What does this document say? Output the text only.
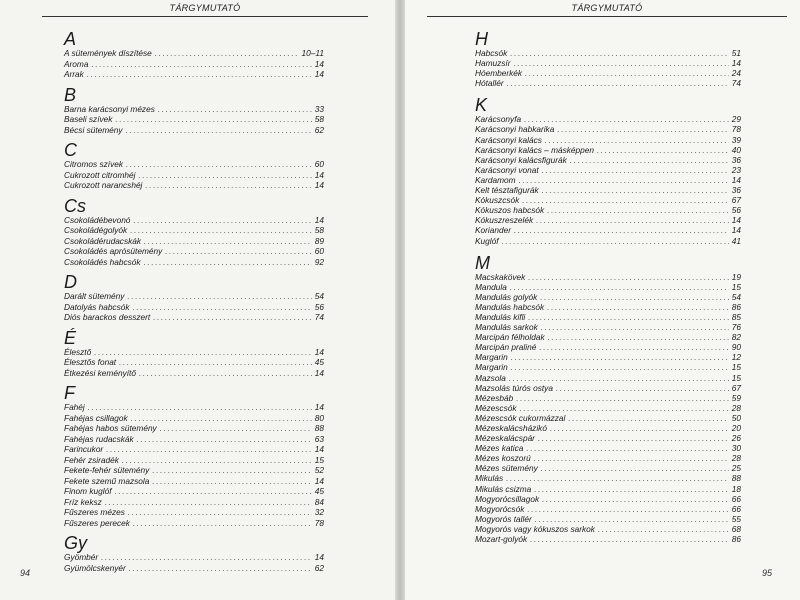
TÁRGYMUTATÓ
A
A sütemények díszítése .....	10–11
Aroma .....	14
Arrak .....	14
B
Barna karácsonyi mézes .....	33
Baseli szívek .....	58
Bécsi sütemény .....	62
C
Citromos szívek .....	60
Cukrozott citromhéj .....	14
Cukrozott narancshéj .....	14
Cs
Csokoládébevonó .....	14
Csokoládégolyók .....	58
Csokoládérudacskák .....	89
Csokoládés aprósütemény .....	60
Csokoládés habcsók .....	92
D
Darált sütemény .....	54
Datolyás habcsók .....	56
Diós barackos desszert .....	74
É
Élesztő .....	14
Élesztős fonat .....	45
Étkezési keményítő .....	14
F
Fahéj .....	14
Fahéjas csillagok .....	80
Fahéjas habos sütemény .....	88
Fahéjas rudacskák .....	63
Farincukor .....	14
Fehér zsiradék .....	15
Fekete-fehér sütemény .....	52
Fekete szemű mazsola .....	14
Finom kuglóf .....	45
Fríz keksz .....	84
Fűszeres mézes .....	32
Fűszeres perecek .....	78
Gy
Gyömbér .....	14
Gyümölcskenyér .....	62
94
TÁRGYMUTATÓ
H
Habcsók .....	51
Hamuzsír .....	14
Hóemberkék .....	24
Hótallér .....	74
K
Karácsonyfa .....	29
Karácsonyi habkarika .....	78
Karácsonyi kalács .....	39
Karácsonyi kalács – másképpen .....	40
Karácsonyi kalácsfigurák .....	36
Karácsonyi vonat .....	23
Kardamom .....	14
Kelt tésztafigurák .....	36
Kókuszcsók .....	67
Kókuszos habcsók .....	56
Kókuszreszelék .....	14
Koriander .....	14
Kuglóf .....	41
M
Macskakövek .....	19
Mandula .....	15
Mandulás golyók .....	54
Mandulás habcsók .....	86
Mandulás kifli .....	85
Mandulás sarkok .....	76
Marcipán félholdak .....	82
Marcipán praliné .....	90
Margarin .....	12
Margarin .....	15
Mazsola .....	15
Mazsolás túrós ostya .....	67
Mézesbáb .....	59
Mézescsók .....	28
Mézescsók cukormázzal .....	50
Mézeskalácsházikó .....	20
Mézeskalácspár .....	26
Mézes katica .....	30
Mézes koszorú .....	28
Mézes sütemény .....	25
Mikulás .....	88
Mikulás csizma .....	18
Mogyorócsillagok .....	66
Mogyorócsók .....	66
Mogyorós tallér .....	55
Mogyorós vagy kókuszos sarkok .....	68
Mozart-golyók .....	86
95
